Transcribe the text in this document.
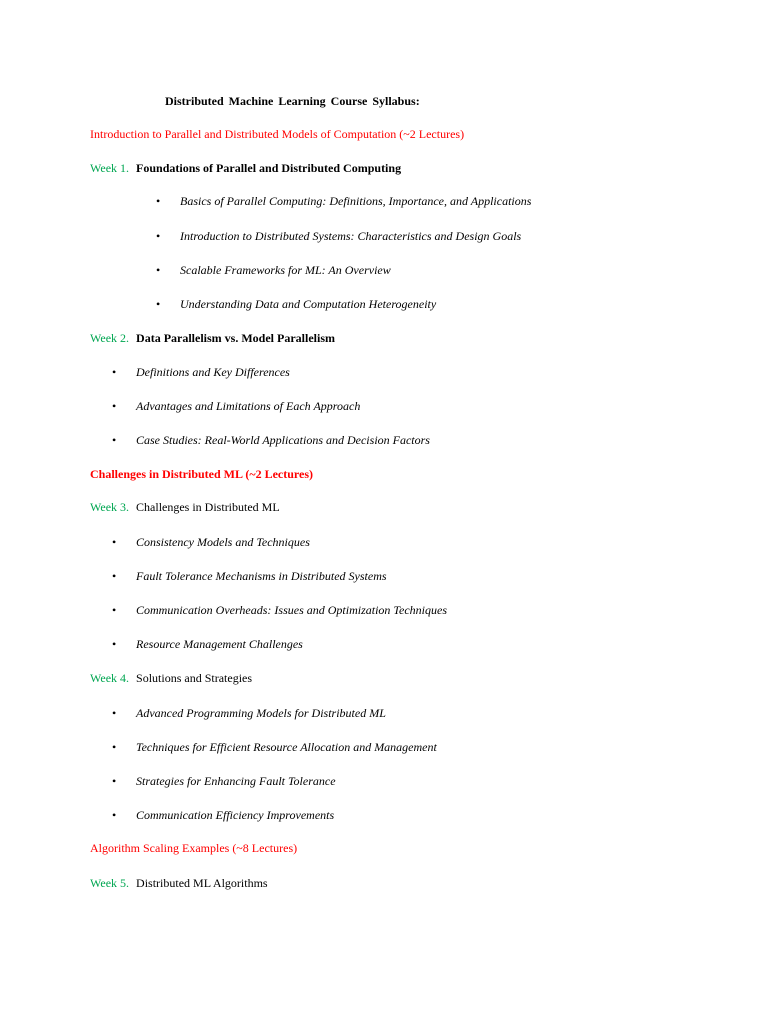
Distributed Machine Learning Course Syllabus:
Introduction to Parallel and Distributed Models of Computation (~2 Lectures)
Week 1. Foundations of Parallel and Distributed Computing
• Basics of Parallel Computing: Definitions, Importance, and Applications
• Introduction to Distributed Systems: Characteristics and Design Goals
• Scalable Frameworks for ML: An Overview
• Understanding Data and Computation Heterogeneity
Week 2. Data Parallelism vs. Model Parallelism
• Definitions and Key Differences
• Advantages and Limitations of Each Approach
• Case Studies: Real-World Applications and Decision Factors
Challenges in Distributed ML (~2 Lectures)
Week 3. Challenges in Distributed ML
• Consistency Models and Techniques
• Fault Tolerance Mechanisms in Distributed Systems
• Communication Overheads: Issues and Optimization Techniques
• Resource Management Challenges
Week 4. Solutions and Strategies
• Advanced Programming Models for Distributed ML
• Techniques for Efficient Resource Allocation and Management
• Strategies for Enhancing Fault Tolerance
• Communication Efficiency Improvements
Algorithm Scaling Examples (~8 Lectures)
Week 5. Distributed ML Algorithms
